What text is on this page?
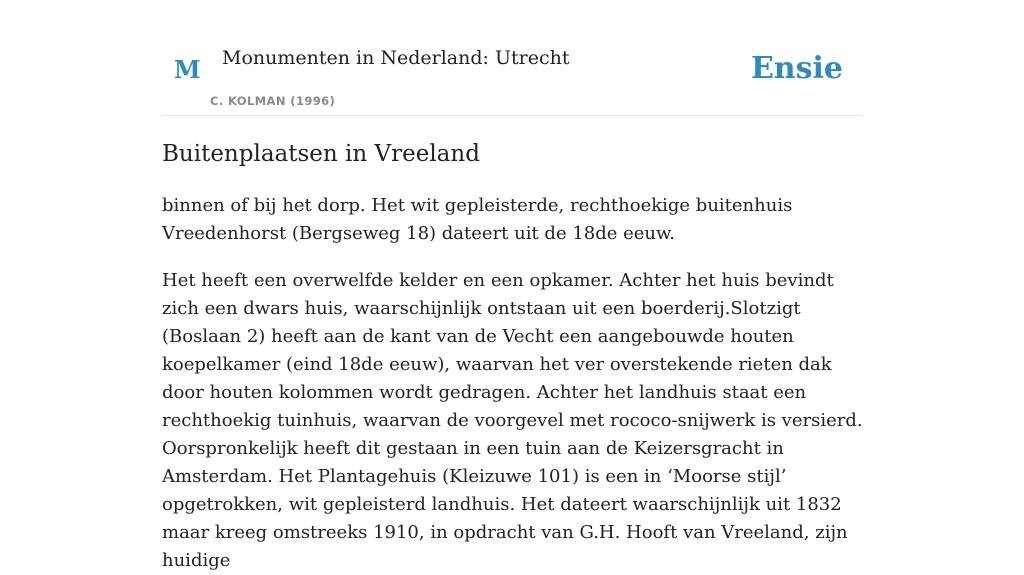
M Monumenten in Nederland: Utrecht
C. KOLMAN (1996)
Ensie
Buitenplaatsen in Vreeland

binnen of bij het dorp. Het wit gepleisterde, rechthoekige buitenhuis Vreedenhorst (Bergseweg 18) dateert uit de 18de eeuw.

Het heeft een overwelfde kelder en een opkamer. Achter het huis bevindt zich een dwars huis, waarschijnlijk ontstaan uit een boerderij.Slotzigt (Boslaan 2) heeft aan de kant van de Vecht een aangebouwde houten koepelkamer (eind 18de eeuw), waarvan het ver overstekende rieten dak door houten kolommen wordt gedragen. Achter het landhuis staat een rechthoekig tuinhuis, waarvan de voorgevel met rococo-snijwerk is versierd. Oorspronkelijk heeft dit gestaan in een tuin aan de Keizersgracht in Amsterdam. Het Plantagehuis (Kleizuwe 101) is een in ‘Moorse stijl’ opgetrokken, wit gepleisterd landhuis. Het dateert waarschijnlijk uit 1832 maar kreeg omstreeks 1910, in opdracht van G.H. Hooft van Vreeland, zijn huidige
